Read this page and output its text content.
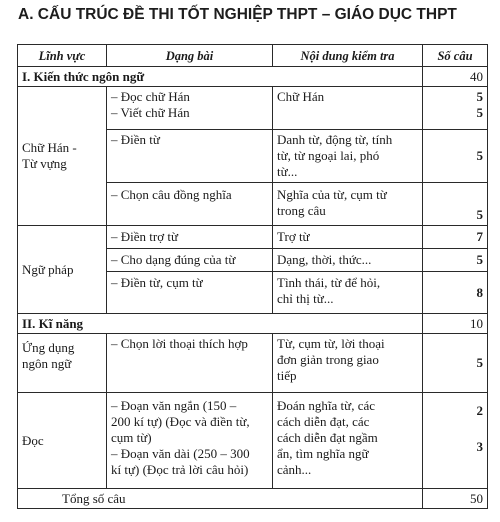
A. CẤU TRÚC ĐỀ THI TỐT NGHIỆP THPT – GIÁO DỤC THPT
Lĩnh vực	Dạng bài	Nội dung kiểm tra	Số câu
I. Kiến thức ngôn ngữ			40

Chữ Hán -
Từ vựng	– Đọc chữ Hán
– Viết chữ Hán	Chữ Hán	5
5

	– Điền từ	Danh từ, động từ, tính
từ, từ ngoại lai, phó
từ...	5
	– Chọn câu đồng nghĩa	Nghĩa của từ, cụm từ
trong câu	5
Ngữ pháp	– Điền trợ từ	Trợ từ	7
	– Cho dạng đúng của từ	Dạng, thời, thức...	5
	– Điền từ, cụm từ	Tình thái, từ để hỏi,
chỉ thị từ...	8
II. Kĩ năng			10

Ứng dụng
ngôn ngữ	– Chọn lời thoại thích hợp	Từ, cụm từ, lời thoại
đơn giản trong giao
tiếp	5
Đọc	– Đoạn văn ngắn (150 –
200 kí tự) (Đọc và điền từ,
cụm từ)
– Đoạn văn dài (250 – 300
kí tự) (Đọc trả lời câu hỏi)	Đoán nghĩa từ, các
cách diễn đạt, các
cách diễn đạt ngầm
ẩn, tìm nghĩa ngữ
cảnh...	2
3

Tổng số câu			50
